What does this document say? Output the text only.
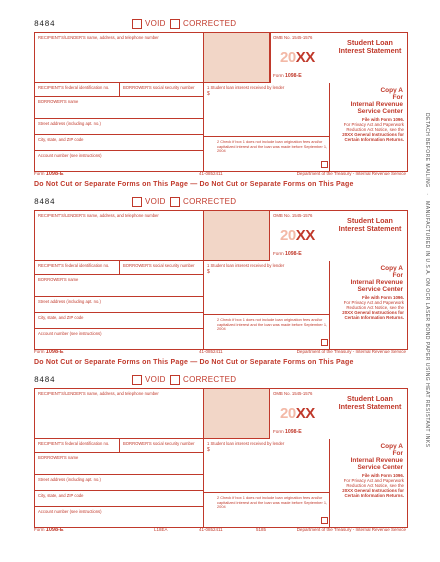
8484	VOID CORRECTED
RECIPIENT'S/LENDER'S name, address, and telephone number	OMB No. 1545-1576
20XX
Form 1098-E
Student Loan Interest Statement
RECIPIENT'S federal identification no.	BORROWER'S social security number	1 Student loan interest received by lender
$
BORROWER'S name
Street address (including apt. no.)
City, state, and ZIP code
Account number (see instructions)
2 Check if box 1 does not include loan origination fees and/or capitalized interest and the loan was made before September 1, 2004
Copy A
For
Internal Revenue Service Center
File with Form 1096.
For Privacy Act and Paperwork Reduction Act Notice, see the
20XX General Instructions for Certain Information Returns.
Form 1098-E	41-0852411	Department of the Treasury - Internal Revenue Service
Do Not Cut or Separate Forms on This Page — Do Not Cut or Separate Forms on This Page
8484	VOID CORRECTED
RECIPIENT'S/LENDER'S name, address, and telephone number	OMB No. 1545-1576
20XX
Form 1098-E
Student Loan Interest Statement
RECIPIENT'S federal identification no.	BORROWER'S social security number	1 Student loan interest received by lender
$
BORROWER'S name
Street address (including apt. no.)
City, state, and ZIP code
Account number (see instructions)
2 Check if box 1 does not include loan origination fees and/or capitalized interest and the loan was made before September 1, 2004
Copy A
For
Internal Revenue Service Center
File with Form 1096.
For Privacy Act and Paperwork Reduction Act Notice, see the
20XX General Instructions for Certain Information Returns.
Form 1098-E	41-0852411	Department of the Treasury - Internal Revenue Service
Do Not Cut or Separate Forms on This Page — Do Not Cut or Separate Forms on This Page
8484	VOID CORRECTED
RECIPIENT'S/LENDER'S name, address, and telephone number	OMB No. 1545-1576
20XX
Form 1098-E
Student Loan Interest Statement
RECIPIENT'S federal identification no.	BORROWER'S social security number	1 Student loan interest received by lender
$
BORROWER'S name
Street address (including apt. no.)
City, state, and ZIP code
Account number (see instructions)
2 Check if box 1 does not include loan origination fees and/or capitalized interest and the loan was made before September 1, 2004
Copy A
For
Internal Revenue Service Center
File with Form 1096.
For Privacy Act and Paperwork Reduction Act Notice, see the
20XX General Instructions for Certain Information Returns.
Form 1098-E	L18EA	41-0852411	5185	Department of the Treasury - Internal Revenue Service
DETACH BEFORE MAILING   ·   MANUFACTURED IN U.S.A. ON OCR LASER BOND PAPER USING HEAT RESISTANT INKS
